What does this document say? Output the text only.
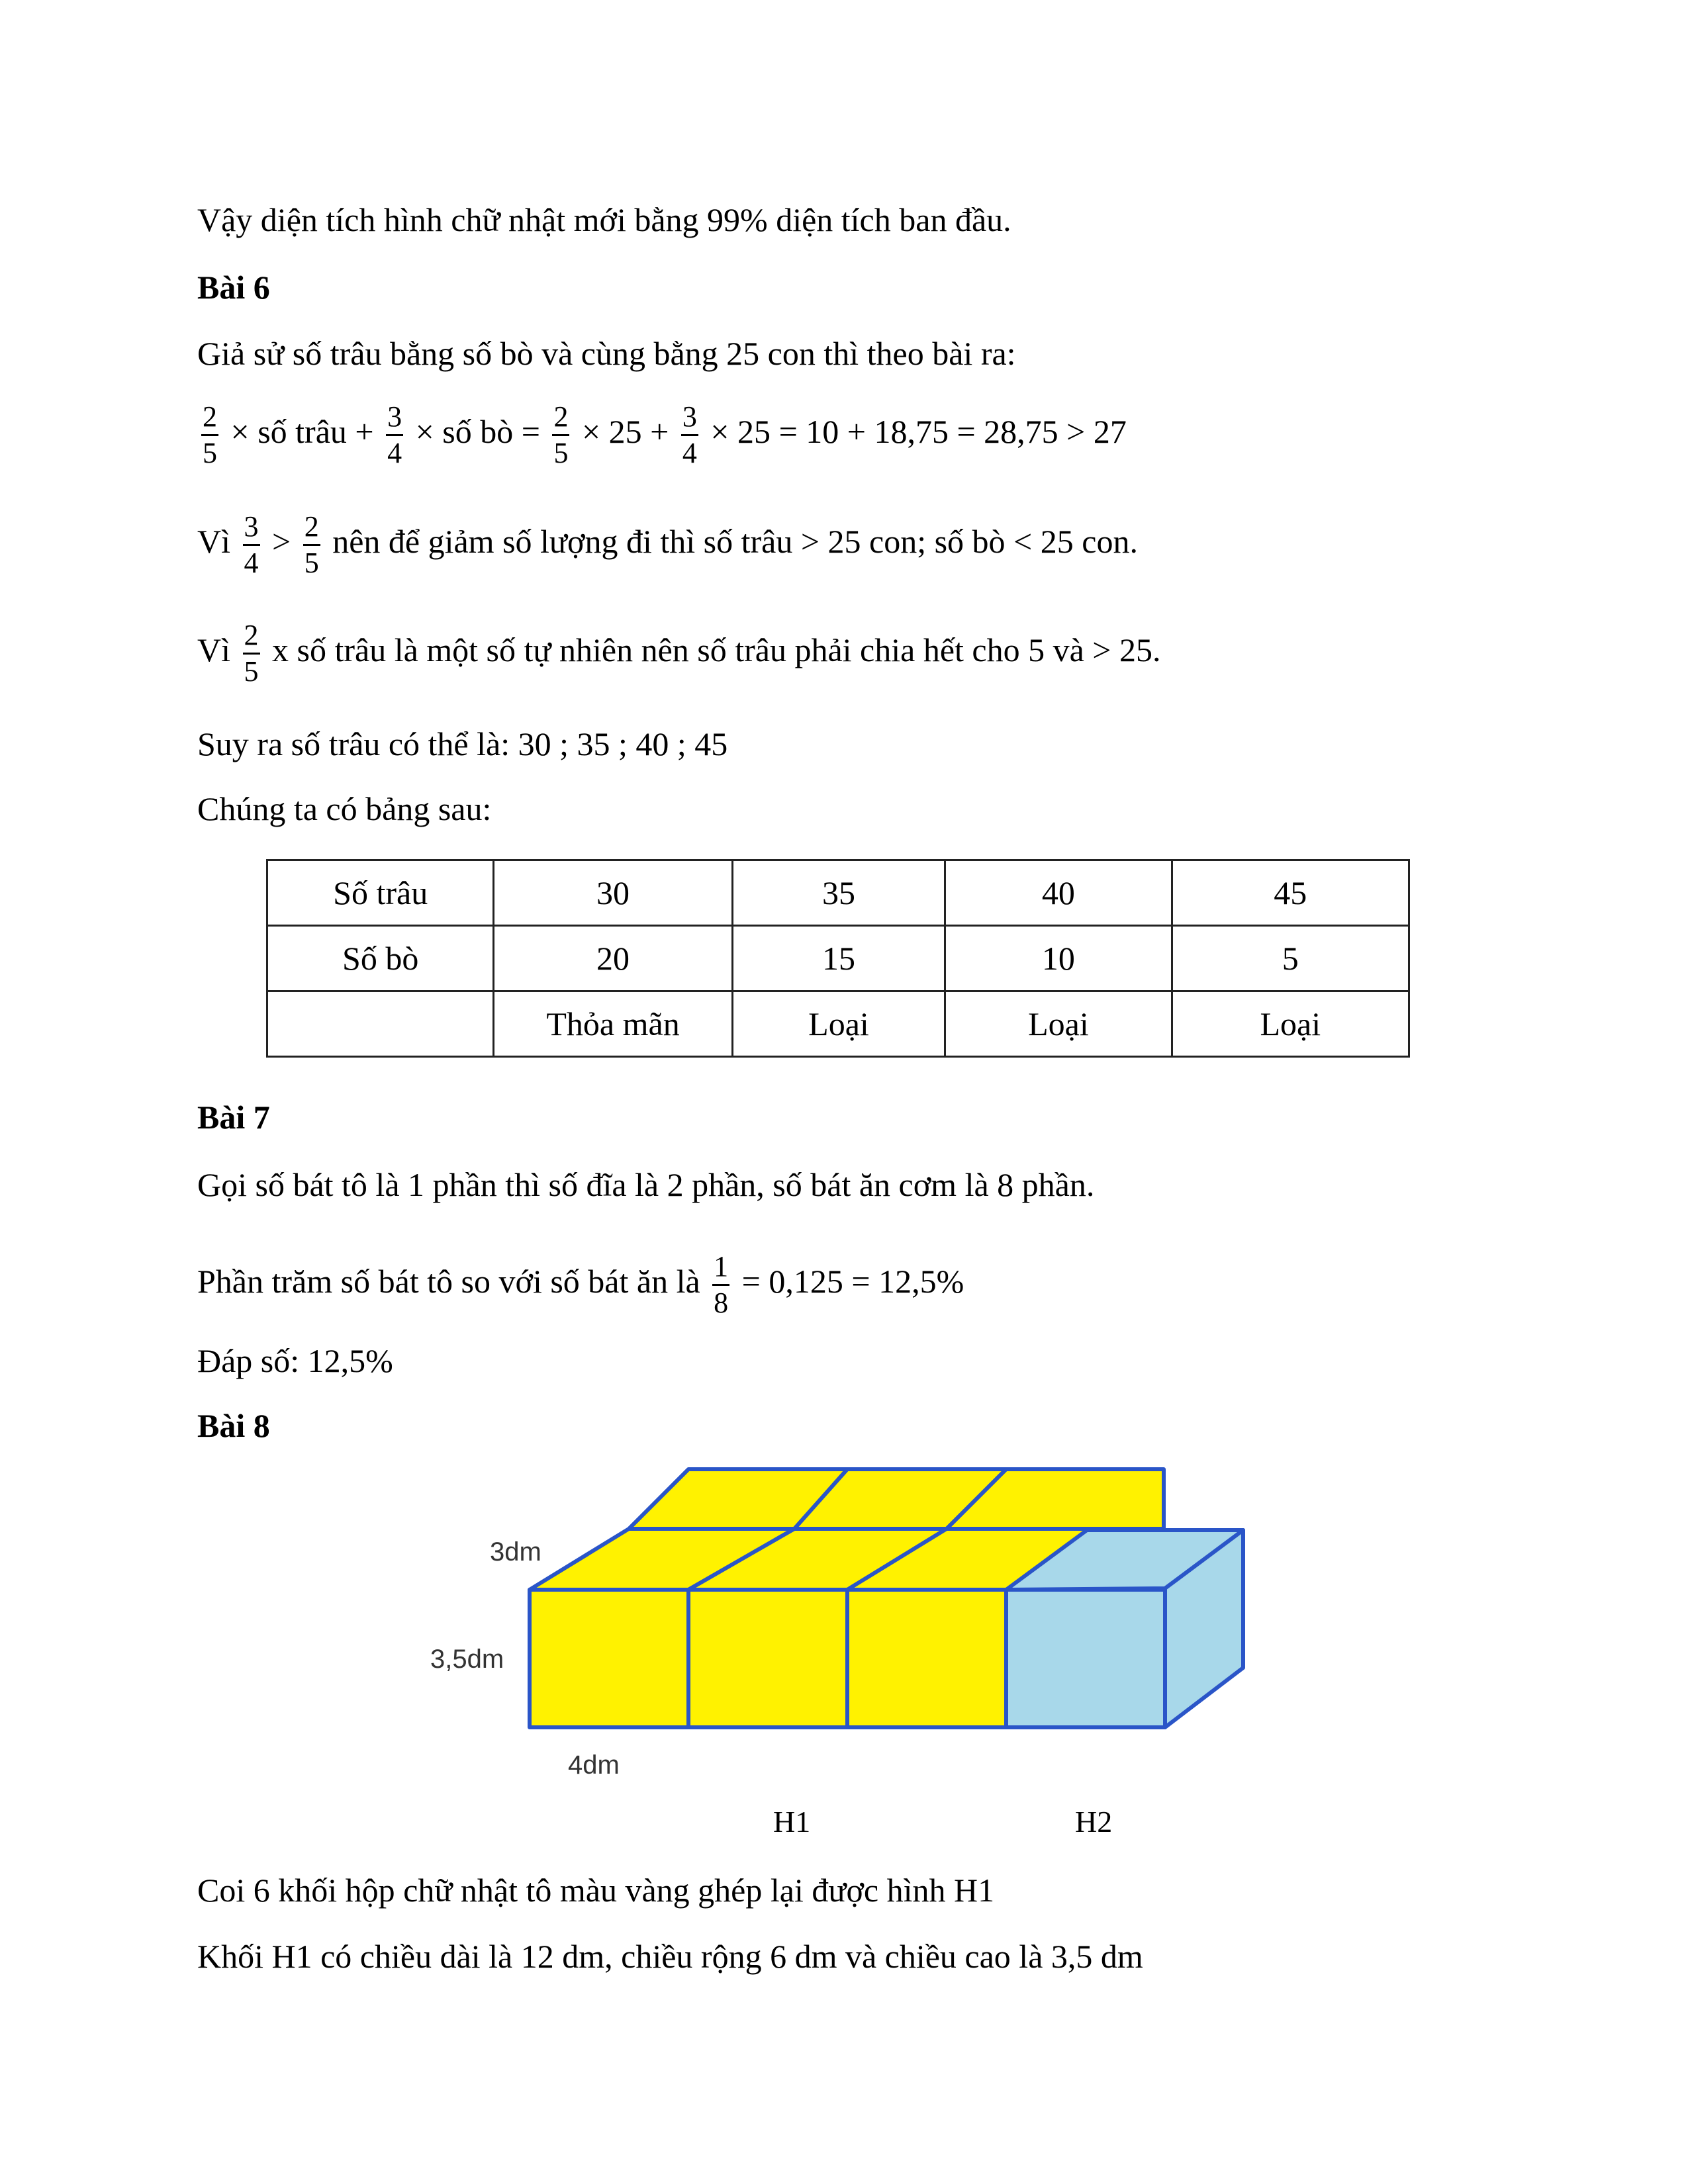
Vậy diện tích hình chữ nhật mới bằng 99% diện tích ban đầu.
Bài 6
Giả sử số trâu bằng số bò và cùng bằng 25 con thì theo bài ra:
$\frac{2}{5}$ × số trâu + $\frac{3}{4}$ × số bò = $\frac{2}{5} \times 25 + \frac{3}{4} \times 25 = 10 + 18,75 = 28,75 > 27$
Vì $\frac{3}{4} > \frac{2}{5}$ nên để giảm số lượng đi thì số trâu > 25 con; số bò < 25 con.
Vì $\frac{2}{5}$ x số trâu là một số tự nhiên nên số trâu phải chia hết cho 5 và > 25.
Suy ra số trâu có thể là: 30 ; 35 ; 40 ; 45
Chúng ta có bảng sau:
Số trâu	30	35	40	45
Số bò	20	15	10	5
	Thỏa mãn	Loại	Loại	Loại
Bài 7
Gọi số bát tô là 1 phần thì số đĩa là 2 phần, số bát ăn cơm là 8 phần.
Phần trăm số bát tô so với số bát ăn là $\frac{1}{8} = 0,125 = 12,5\%$
Đáp số: 12,5%
Bài 8
3dm
3,5dm
4dm
H1	H2
Coi 6 khối hộp chữ nhật tô màu vàng ghép lại được hình H1
Khối H1 có chiều dài là 12 dm, chiều rộng 6 dm và chiều cao là 3,5 dm
